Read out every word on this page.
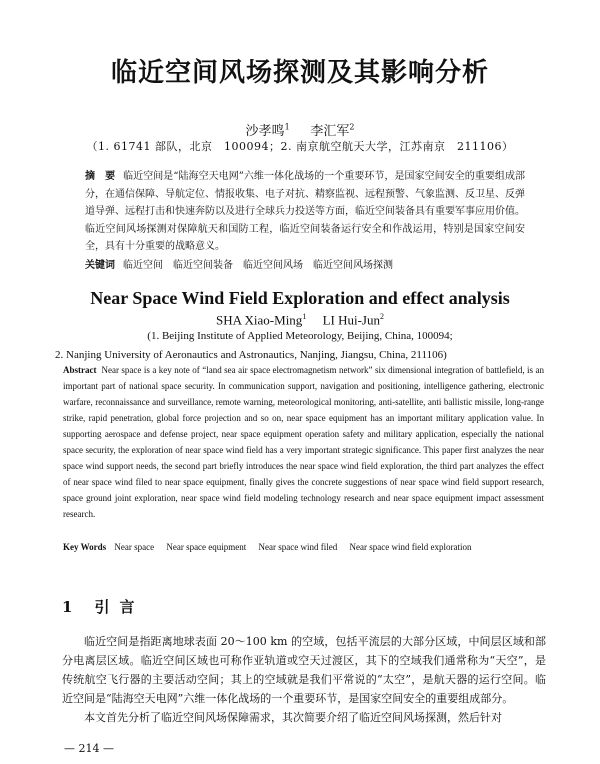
临近空间风场探测及其影响分析
沙孝鸣$^1$ 李汇军$^2$
（1. 61741 部队，北京　100094；2. 南京航空航天大学，江苏南京　211106）
摘　要 临近空间是“陆海空天电网”六维一体化战场的一个重要环节，是国家空间安全的重要组成部分，在通信保障、导航定位、情报收集、电子对抗、精察监视、远程预警、气象监测、反卫星、反弹道导弹、远程打击和快速奔防以及进行全球兵力投送等方面，临近空间装备具有重要军事应用价值。临近空间风场探测对保障航天和国防工程，临近空间装备运行安全和作战运用，特别是国家空间安全，具有十分重要的战略意义。
关键词 临近空间　临近空间装备　临近空间风场　临近空间风场探测
Near Space Wind Field Exploration and effect analysis
SHA Xiao-Ming$^1$ LI Hui-Jun$^2$
(1. Beijing Institute of Applied Meteorology, Beijing, China, 100094;
2. Nanjing University of Aeronautics and Astronautics, Nanjing, Jiangsu, China, 211106)
Abstract Near space is a key note of “land sea air space electromagnetism network” six dimensional integration of battlefield, is an important part of national space security. In communication support, navigation and positioning, intelligence gathering, electronic warfare, reconnaissance and surveillance, remote warning, meteorological monitoring, anti-satellite, anti ballistic missile, long-range strike, rapid penetration, global force projection and so on, near space equipment has an important military application value. In supporting aerospace and defense project, near space equipment operation safety and military application, especially the national space security, the exploration of near space wind field has a very important strategic significance. This paper first analyzes the near space wind support needs, the second part briefly introduces the near space wind field exploration, the third part analyzes the effect of near space wind filed to near space equipment, finally gives the concrete suggestions of near space wind field support research, space ground joint exploration, near space wind field modeling technology research and near space equipment impact assessment research.
Key Words Near space Near space equipment Near space wind filed Near space wind field exploration
1 引言

临近空间是指距离地球表面 20～100 km 的空域，包括平流层的大部分区域，中间层区域和部分电离层区域。临近空间区域也可称作亚轨道或空天过渡区，其下的空域我们通常称为“天空”，是传统航空飞行器的主要活动空间；其上的空域就是我们平常说的“太空”，是航天器的运行空间。临近空间是“陆海空天电网”六维一体化战场的一个重要环节，是国家空间安全的重要组成部分。

本文首先分析了临近空间风场保障需求，其次简要介绍了临近空间风场探测，然后针对

— 214 —
